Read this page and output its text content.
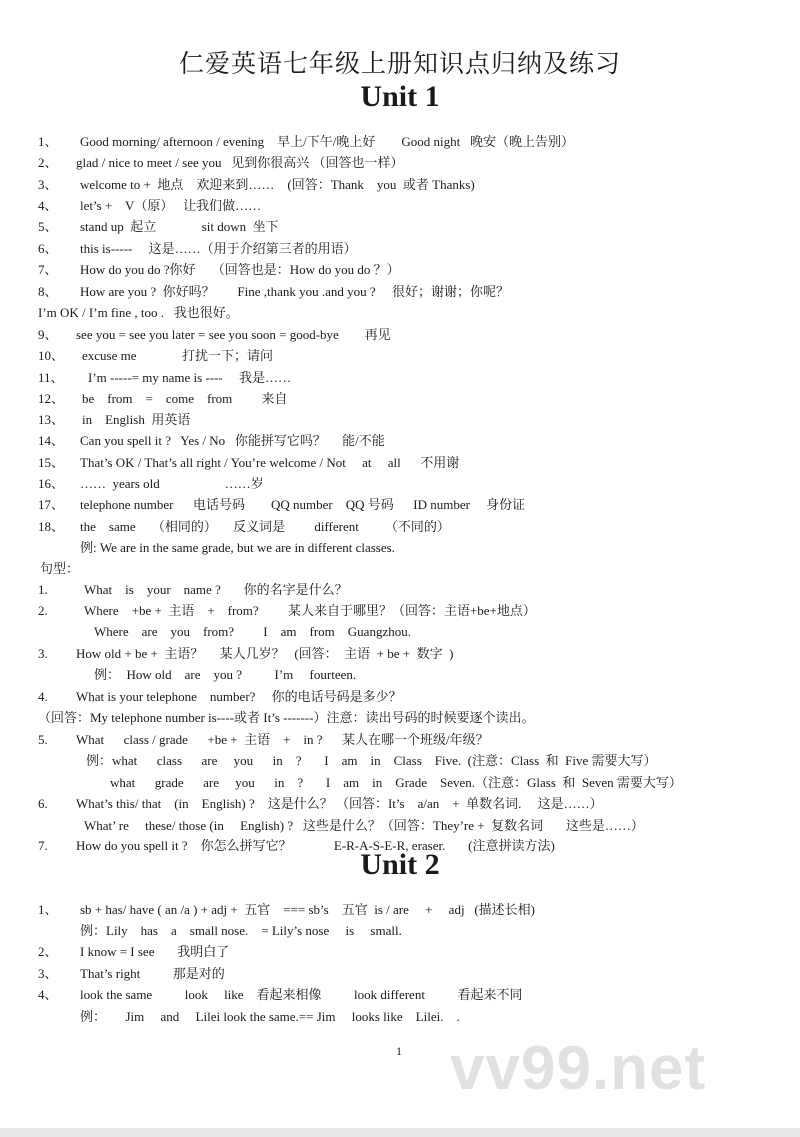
仁爱英语七年级上册知识点归纳及练习
Unit 1
1、 Good morning/ afternoon / evening    早上/下午/晚上好        Good night   晚安（晚上告别）
2、 glad / nice to meet / see you   见到你很高兴 （回答也一样）
3、 welcome to +  地点    欢迎来到……    (回答：Thank    you  或者 Thanks)
4、 let’s +    V（原）   让我们做……
5、 stand up  起立              sit down  坐下
6、 this is-----     这是……（用于介绍第三者的用语）
7、 How do you do ?你好     （回答也是：How do you do ？）
8、 How are you ?  你好吗？       Fine ,thank you .and you ?     很好；谢谢；你呢？
I’m OK / I’m fine , too .   我也很好。
9、 see you = see you later = see you soon = good-bye        再见
10、 excuse me              打扰一下；请问
11、 I’m -----= my name is ----     我是……
12、 be    from    =    come    from         来自
13、 in    English  用英语
14、 Can you spell it ?   Yes / No   你能拼写它吗？     能/不能
15、 That’s OK / That’s all right / You’re welcome / Not     at     all      不用谢
16、 ……  years old                    ……岁
17、 telephone number      电话号码        QQ number    QQ 号码      ID number     身份证
18、 the    same     （相同的）     反义词是         different        （不同的）
例: We are in the same grade, but we are in different classes.
句型：
1.	What    is    your    name ?       你的名字是什么？
2.	Where    +be +  主语    +    from?         某人来自于哪里？（回答：主语+be+地点）
Where    are    you    from?         I    am    from    Guangzhou.
3. How old + be +  主语？     某人几岁？   (回答：  主语  + be +  数字  )
例：  How old    are    you ?          I’m     fourteen.
4. What is your telephone    number?     你的电话号码是多少？
（回答：My telephone number is----或者 It’s -------）注意：读出号码的时候要逐个读出。
5. What      class / grade      +be +  主语    +    in ?      某人在哪一个班级/年级？
例：what      class      are     you      in    ?       I    am    in    Class    Five.  (注意：Class  和  Five 需要大写）
what      grade      are     you      in    ?       I    am    in    Grade    Seven.（注意：Glass  和  Seven 需要大写）
6. What’s this/ that    (in    English) ?    这是什么？ （回答：It’s    a/an    +  单数名词.     这是……）
What’ re     these/ those (in     English) ?   这些是什么？（回答：They’re +  复数名词       这些是……）
7. How do you spell it ?    你怎么拼写它？             E-R-A-S-E-R, eraser.       (注意拼读方法)
Unit 2
1、 sb + has/ have ( an /a ) + adj +  五官    === sb’s    五官  is / are     +     adj   (描述长相)
例：Lily    has    a    small nose.    = Lily’s nose     is     small.
2、 I know = I see       我明白了
3、 That’s right          那是对的
4、 look the same          look     like    看起来相像          look different          看起来不同
例：      Jim     and     Lilei look the same.== Jim     looks like    Lilei.    .
1 vv99.net
